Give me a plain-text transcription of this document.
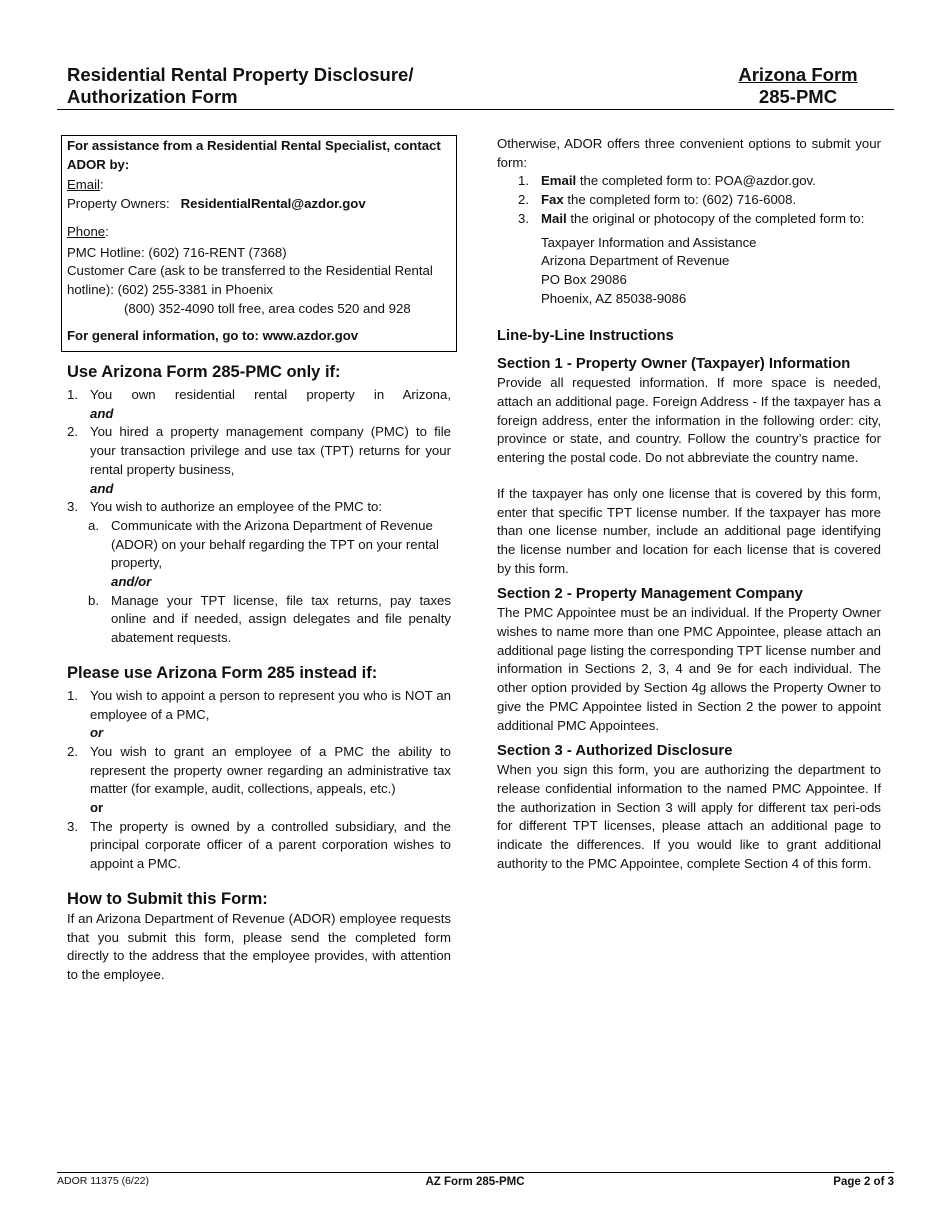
Residential Rental Property Disclosure/
Authorization Form
Arizona Form
285-PMC

For assistance from a Residential Rental Specialist, contact ADOR by:

Email:

Property Owners: ResidentialRental@azdor.gov

Phone:

PMC Hotline: (602) 716-RENT (7368)

Customer Care (ask to be transferred to the Residential Rental hotline): (602) 255-3381 in Phoenix

(800) 352-4090 toll free, area codes 520 and 928

For general information, go to: www.azdor.gov

Use Arizona Form 285-PMC only if:
1. You own residential rental property in Arizona,
and
2. You hired a property management company (PMC) to file your transaction privilege and use tax (TPT) returns for your rental property business,
and
3. You wish to authorize an employee of the PMC to:
a. Communicate with the Arizona Department of Revenue (ADOR) on your behalf regarding the TPT on your rental property,
and/or
b. Manage your TPT license, file tax returns, pay taxes online and if needed, assign delegates and file penalty abatement requests.
Please use Arizona Form 285 instead if:
1. You wish to appoint a person to represent you who is NOT an employee of a PMC,
or
2. You wish to grant an employee of a PMC the ability to represent the property owner regarding an administrative tax matter (for example, audit, collections, appeals, etc.)
or
3. The property is owned by a controlled subsidiary, and the principal corporate officer of a parent corporation wishes to appoint a PMC.
How to Submit this Form:
If an Arizona Department of Revenue (ADOR) employee requests that you submit this form, please send the completed form directly to the address that the employee provides, with attention to the employee.
Otherwise, ADOR offers three convenient options to submit your form:
1. Email the completed form to: POA@azdor.gov.
2. Fax the completed form to: (602) 716-6008.
3. Mail the original or photocopy of the completed form to:
Taxpayer Information and Assistance
Arizona Department of Revenue
PO Box 29086
Phoenix, AZ 85038-9086
Line-by-Line Instructions
Section 1 - Property Owner (Taxpayer) Information
Provide all requested information. If more space is needed, attach an additional page. Foreign Address - If the taxpayer has a foreign address, enter the information in the following order: city, province or state, and country. Follow the country’s practice for entering the postal code. Do not abbreviate the country name.
If the taxpayer has only one license that is covered by this form, enter that specific TPT license number. If the taxpayer has more than one license number, include an additional page identifying the license number and location for each license that is covered by this form.
Section 2 - Property Management Company
The PMC Appointee must be an individual. If the Property Owner wishes to name more than one PMC Appointee, please attach an additional page listing the corresponding TPT license number and information in Sections 2, 3, 4 and 9e for each individual. The other option provided by Section 4g allows the Property Owner to give the PMC Appointee listed in Section 2 the power to appoint additional PMC Appointees.
Section 3 - Authorized Disclosure
When you sign this form, you are authorizing the department to release confidential information to the named PMC Appointee. If the authorization in Section 3 will apply for different tax peri-ods for different TPT licenses, please attach an additional page to indicate the differences. If you would like to grant additional authority to the PMC Appointee, complete Section 4 of this form.
ADOR 11375 (6/22)	AZ Form 285-PMC	Page 2 of 3
